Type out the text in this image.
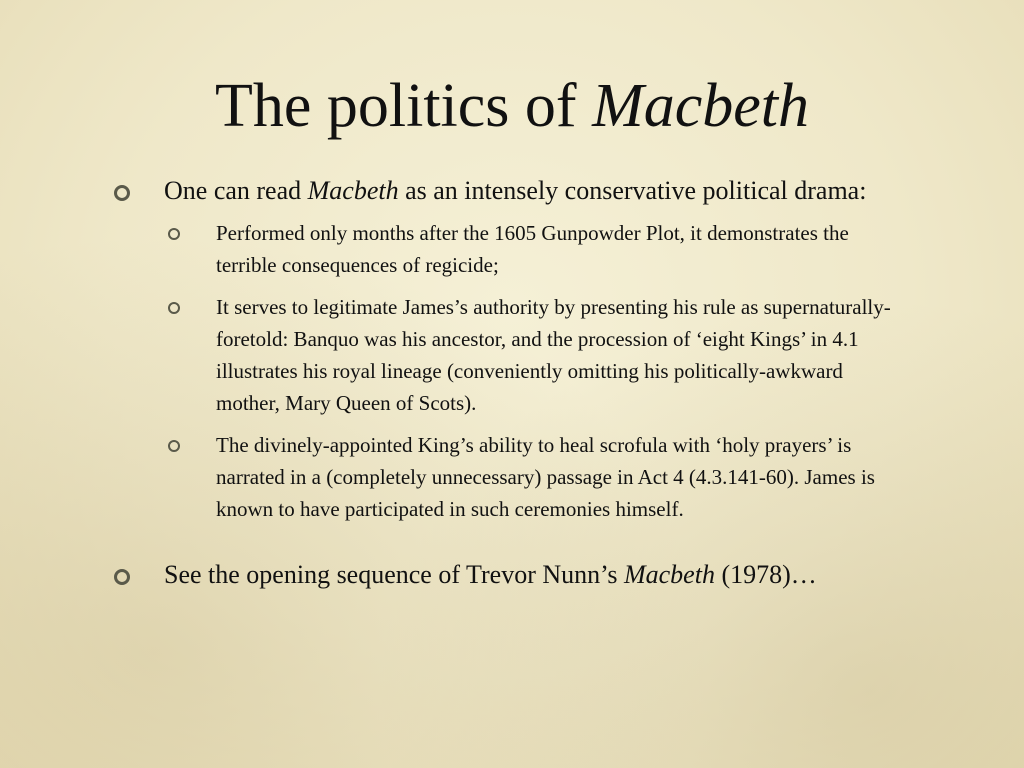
The politics of Macbeth
One can read Macbeth as an intensely conservative political drama:
Performed only months after the 1605 Gunpowder Plot, it demonstrates the terrible consequences of regicide;
It serves to legitimate James’s authority by presenting his rule as supernaturally-foretold: Banquo was his ancestor, and the procession of ‘eight Kings’ in 4.1 illustrates his royal lineage (conveniently omitting his politically-awkward mother, Mary Queen of Scots).
The divinely-appointed King’s ability to heal scrofula with ‘holy prayers’ is narrated in a (completely unnecessary) passage in Act 4 (4.3.141-60). James is known to have participated in such ceremonies himself.
See the opening sequence of Trevor Nunn’s Macbeth (1978)…
